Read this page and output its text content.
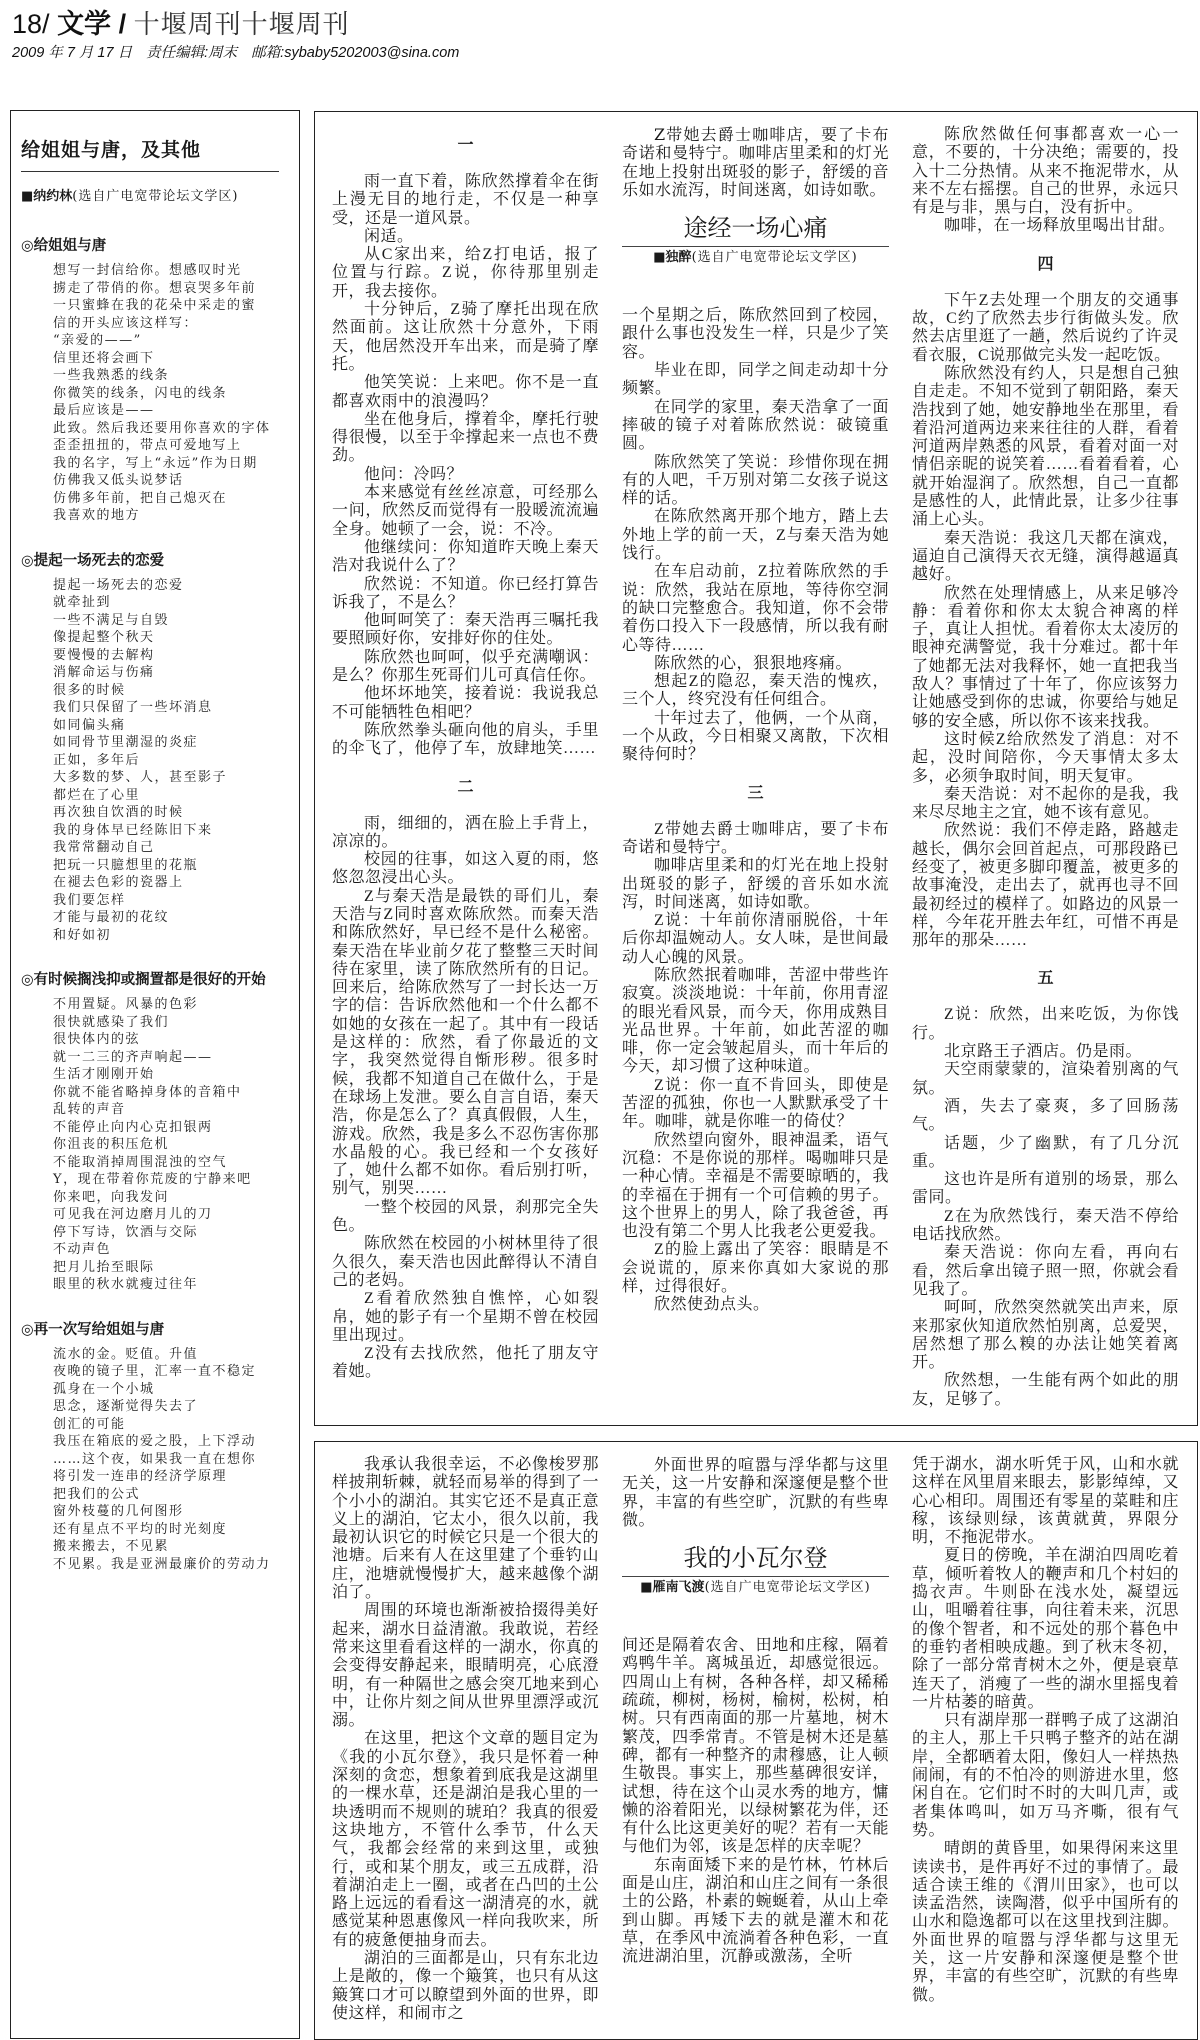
18/ 文学 / 十堰周刊十堰周刊
2009 年 7 月 17 日 责任编辑:周末 邮箱:sybaby5202003@sina.com
给姐姐与唐，及其他
■纳约林(选自广电宽带论坛文学区)
◎给姐姐与唐
想写一封信给你。想感叹时光
掳走了带俏的你。想哀哭多年前
一只蜜蜂在我的花朵中采走的蜜
信的开头应该这样写：
“亲爱的——”
信里还将会画下
一些我熟悉的线条
你微笑的线条，闪电的线条
最后应该是——
此致。然后我还要用你喜欢的字体
歪歪扭扭的，带点可爱地写上
我的名字，写上“永远”作为日期
仿佛我又低头说梦话
仿佛多年前，把自己熄灭在
我喜欢的地方
◎提起一场死去的恋爱
提起一场死去的恋爱
就牵扯到
一些不满足与自毁
像提起整个秋天
要慢慢的去解构
消解命运与伤痛
很多的时候
我们只保留了一些坏消息
如同偏头痛
如同骨节里潮湿的炎症
正如，多年后
大多数的梦、人，甚至影子
都烂在了心里
再次独自饮酒的时候
我的身体早已经陈旧下来
我常常翻动自己
把玩一只臆想里的花瓶
在褪去色彩的瓷器上
我们要怎样
才能与最初的花纹
和好如初
◎有时候搁浅抑或搁置都是很好的开始
不用置疑。风暴的色彩
很快就感染了我们
很快体内的弦
就一二三的齐声响起——
生活才刚刚开始
你就不能省略掉身体的音箱中
乱转的声音
不能停止向内心克扣银两
你沮丧的积压危机
不能取消掉周围混浊的空气
Y，现在带着你荒废的宁静来吧
你来吧，向我发问
可见我在河边磨月儿的刀
停下写诗，饮酒与交际
不动声色
把月儿抬至眼际
眼里的秋水就瘦过往年
◎再一次写给姐姐与唐
流水的金。贬值。升值
夜晚的镜子里，汇率一直不稳定
孤身在一个小城
思念，逐渐觉得失去了
创汇的可能
我压在箱底的爱之股，上下浮动
……这个夜，如果我一直在想你
将引发一连串的经济学原理
把我们的公式
窗外枝蔓的几何图形
还有星点不平均的时光刻度
搬来搬去，不见累
不见累。我是亚洲最廉价的劳动力
一

雨一直下着，陈欣然撑着伞在街上漫无目的地行走，不仅是一种享受，还是一道风景。

闲适。

从C家出来，给Z打电话，报了位置与行踪。Z说，你待那里别走开，我去接你。

十分钟后，Z骑了摩托出现在欣然面前。这让欣然十分意外，下雨天，他居然没开车出来，而是骑了摩托。

他笑笑说：上来吧。你不是一直都喜欢雨中的浪漫吗？

坐在他身后，撑着伞，摩托行驶得很慢，以至于伞撑起来一点也不费劲。

他问：冷吗？

本来感觉有丝丝凉意，可经那么一问，欣然反而觉得有一股暖流流遍全身。她顿了一会，说：不冷。

他继续问：你知道昨天晚上秦天浩对我说什么了？

欣然说：不知道。你已经打算告诉我了，不是么？

他呵呵笑了：秦天浩再三嘱托我要照顾好你，安排好你的住处。

陈欣然也呵呵，似乎充满嘲讽：是么？你那生死哥们儿可真信任你。

他坏坏地笑，接着说：我说我总不可能牺牲色相吧？

陈欣然拳头砸向他的肩头，手里的伞飞了，他停了车，放肆地笑……

二

雨，细细的，洒在脸上手背上，凉凉的。

校园的往事，如这入夏的雨，悠悠忽忽浸出心头。

Z与秦天浩是最铁的哥们儿，秦天浩与Z同时喜欢陈欣然。而秦天浩和陈欣然好，早已经不是什么秘密。秦天浩在毕业前夕花了整整三天时间待在家里，读了陈欣然所有的日记。回来后，给陈欣然写了一封长达一万字的信：告诉欣然他和一个什么都不如她的女孩在一起了。其中有一段话是这样的：欣然，看了你最近的文字，我突然觉得自惭形秽。很多时候，我都不知道自己在做什么，于是在球场上发泄。要么自言自语，秦天浩，你是怎么了？真真假假，人生，游戏。欣然，我是多么不忍伤害你那水晶般的心。我已经和一个女孩好了，她什么都不如你。看后别打听，别气，别哭……

一整个校园的风景，刹那完全失色。

陈欣然在校园的小树林里待了很久很久，秦天浩也因此醉得认不清自己的老妈。

Z看着欣然独自憔悴，心如裂帛，她的影子有一个星期不曾在校园里出现过。

Z没有去找欣然，他托了朋友守着她。

Z带她去爵士咖啡店，要了卡布奇诺和曼特宁。咖啡店里柔和的灯光在地上投射出斑驳的影子，舒缓的音乐如水流泻，时间迷离，如诗如歌。

途经一场心痛
■独醉(选自广电宽带论坛文学区)

一个星期之后，陈欣然回到了校园，跟什么事也没发生一样，只是少了笑容。

毕业在即，同学之间走动却十分频繁。

在同学的家里，秦天浩拿了一面摔破的镜子对着陈欣然说：破镜重圆。

陈欣然笑了笑说：珍惜你现在拥有的人吧，千万别对第二女孩子说这样的话。

在陈欣然离开那个地方，踏上去外地上学的前一天，Z与秦天浩为她饯行。

在车启动前，Z拉着陈欣然的手说：欣然，我站在原地，等待你空洞的缺口完整愈合。我知道，你不会带着伤口投入下一段感情，所以我有耐心等待……

陈欣然的心，狠狠地疼痛。

想起Z的隐忍，秦天浩的愧疚，三个人，终究没有任何组合。

十年过去了，他俩，一个从商，一个从政，今日相聚又离散，下次相聚待何时？

三

Z带她去爵士咖啡店，要了卡布奇诺和曼特宁。

咖啡店里柔和的灯光在地上投射出斑驳的影子，舒缓的音乐如水流泻，时间迷离，如诗如歌。

Z说：十年前你清丽脱俗，十年后你却温婉动人。女人味，是世间最动人心魄的风景。

陈欣然抿着咖啡，苦涩中带些许寂寞。淡淡地说：十年前，你用青涩的眼光看风景，而今天，你用成熟目光品世界。十年前，如此苦涩的咖啡，你一定会皱起眉头，而十年后的今天，却习惯了这种味道。

Z说：你一直不肯回头，即使是苦涩的孤独，你也一人默默承受了十年。咖啡，就是你唯一的倚仗？

欣然望向窗外，眼神温柔，语气沉稳：不是你说的那样。喝咖啡只是一种心情。幸福是不需要晾晒的，我的幸福在于拥有一个可信赖的男子。这个世界上的男人，除了我爸爸，再也没有第二个男人比我老公更爱我。

Z的脸上露出了笑容：眼睛是不会说谎的，原来你真如大家说的那样，过得很好。

欣然使劲点头。

陈欣然做任何事都喜欢一心一意，不要的，十分决绝；需要的，投入十二分热情。从来不拖泥带水，从来不左右摇摆。自己的世界，永远只有是与非，黑与白，没有折中。

咖啡，在一场释放里喝出甘甜。

四

下午Z去处理一个朋友的交通事故，C约了欣然去步行街做头发。欣然去店里逛了一趟，然后说约了许灵看衣服，C说那做完头发一起吃饭。

陈欣然没有约人，只是想自己独自走走。不知不觉到了朝阳路，秦天浩找到了她，她安静地坐在那里，看着沿河道两边来来往往的人群，看着河道两岸熟悉的风景，看着对面一对情侣亲昵的说笑着……看着看着，心就开始湿润了。欣然想，自己一直都是感性的人，此情此景，让多少往事涌上心头。

秦天浩说：我这几天都在演戏，逼迫自己演得天衣无缝，演得越逼真越好。

欣然在处理情感上，从来足够冷静：看着你和你太太貌合神离的样子，真让人担忧。看着你太太凌厉的眼神充满警觉，我十分难过。都十年了她都无法对我释怀，她一直把我当敌人？事情过了十年了，你应该努力让她感受到你的忠诚，你要给与她足够的安全感，所以你不该来找我。

这时候Z给欣然发了消息：对不起，没时间陪你，今天事情太多太多，必须争取时间，明天复审。

秦天浩说：对不起你的是我，我来尽尽地主之宜，她不该有意见。

欣然说：我们不停走路，路越走越长，偶尔会回首起点，可那段路已经变了，被更多脚印覆盖，被更多的故事淹没，走出去了，就再也寻不回最初经过的模样了。如路边的风景一样，今年花开胜去年红，可惜不再是那年的那朵……

五

Z说：欣然，出来吃饭，为你饯行。

北京路王子酒店。仍是雨。

天空雨蒙蒙的，渲染着别离的气氛。

酒，失去了豪爽，多了回肠荡气。

话题，少了幽默，有了几分沉重。

这也许是所有道别的场景，那么雷同。

Z在为欣然饯行，秦天浩不停给电话找欣然。

秦天浩说：你向左看，再向右看，然后拿出镜子照一照，你就会看见我了。

呵呵，欣然突然就笑出声来，原来那家伙知道欣然怕别离，总爱哭，居然想了那么糗的办法让她笑着离开。

欣然想，一生能有两个如此的朋友，足够了。

我承认我很幸运，不必像梭罗那样披荆斩棘，就轻而易举的得到了一个小小的湖泊。其实它还不是真正意义上的湖泊，它太小，很久以前，我最初认识它的时候它只是一个很大的池塘。后来有人在这里建了个垂钓山庄，池塘就慢慢扩大，越来越像个湖泊了。

周围的环境也渐渐被拾掇得美好起来，湖水日益清澈。我敢说，若经常来这里看看这样的一湖水，你真的会变得安静起来，眼睛明亮，心底澄明，有一种隔世之感会突兀地来到心中，让你片刻之间从世界里漂浮或沉溺。

在这里，把这个文章的题目定为《我的小瓦尔登》，我只是怀着一种深刻的贪恋，想象着到底我是这湖里的一棵水草，还是湖泊是我心里的一块透明而不规则的琥珀？我真的很爱这块地方，不管什么季节，什么天气，我都会经常的来到这里，或独行，或和某个朋友，或三五成群，沿着湖泊走上一圈，或者在凸凹的土公路上远远的看看这一湖清亮的水，就感觉某种恩惠像风一样向我吹来，所有的疲惫便抽身而去。

湖泊的三面都是山，只有东北边上是敞的，像一个簸箕，也只有从这簸箕口才可以瞭望到外面的世界，即使这样，和闹市之

外面世界的喧嚣与浮华都与这里无关，这一片安静和深邃便是整个世界，丰富的有些空旷，沉默的有些卑微。

我的小瓦尔登
■雁南飞渡(选自广电宽带论坛文学区)

间还是隔着农舍、田地和庄稼，隔着鸡鸭牛羊。离城虽近，却感觉很远。四周山上有树，各种各样，却又稀稀疏疏，柳树，杨树，榆树，松树，柏树。只有西南面的那一片墓地，树木繁茂，四季常青。不管是树木还是墓碑，都有一种整齐的肃穆感，让人顿生敬畏。事实上，那些墓碑很安详，试想，待在这个山灵水秀的地方，慵懒的浴着阳光，以绿树繁花为伴，还有什么比这更美好的呢？若有一天能与他们为邻，该是怎样的庆幸呢？

东南面矮下来的是竹林，竹林后面是山庄，湖泊和山庄之间有一条很土的公路，朴素的蜿蜒着，从山上牵到山脚。再矮下去的就是灌木和花草，在季风中流淌着各种色彩，一直流进湖泊里，沉静或激荡，全听

凭于湖水，湖水听凭于风，山和水就这样在风里眉来眼去，影影绰绰，又心心相印。周围还有零星的菜畦和庄稼，该绿则绿，该黄就黄，界限分明，不拖泥带水。

夏日的傍晚，羊在湖泊四周吃着草，倾听着牧人的鞭声和几个村妇的捣衣声。牛则卧在浅水处，凝望远山，咀嚼着往事，向往着未来，沉思的像个智者，和不远处的那个暮色中的垂钓者相映成趣。到了秋末冬初，除了一部分常青树木之外，便是衰草连天了，消瘦了一些的湖水里摇曳着一片枯萎的暗黄。

只有湖岸那一群鸭子成了这湖泊的主人，那上千只鸭子整齐的站在湖岸，全都晒着太阳，像妇人一样热热闹闹，有的不怕冷的则游进水里，悠闲自在。它们时不时的大叫几声，或者集体鸣叫，如万马齐嘶，很有气势。

晴朗的黄昏里，如果得闲来这里读读书，是件再好不过的事情了。最适合读王维的《渭川田家》，也可以读孟浩然，读陶潜，似乎中国所有的山水和隐逸都可以在这里找到注脚。外面世界的喧嚣与浮华都与这里无关，这一片安静和深邃便是整个世界，丰富的有些空旷，沉默的有些卑微。
